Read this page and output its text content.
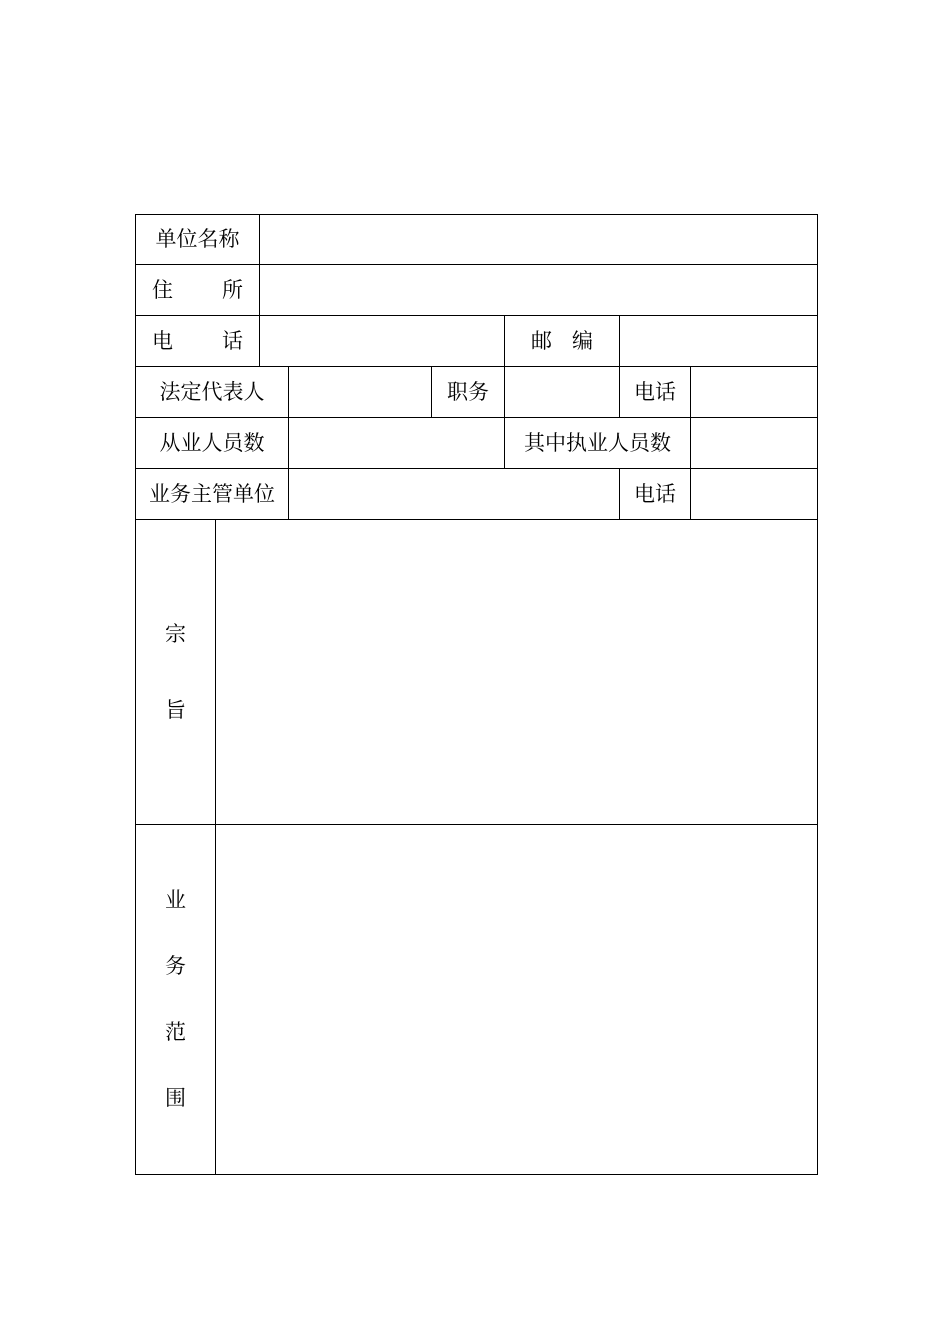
单位名称							

住 所							

电 话					邮 编		

法定代表人				职务		电话	
从业人员数					其中执业人员数		
业务主管单位						电话	

宗
旨							

业
务
范
围							
